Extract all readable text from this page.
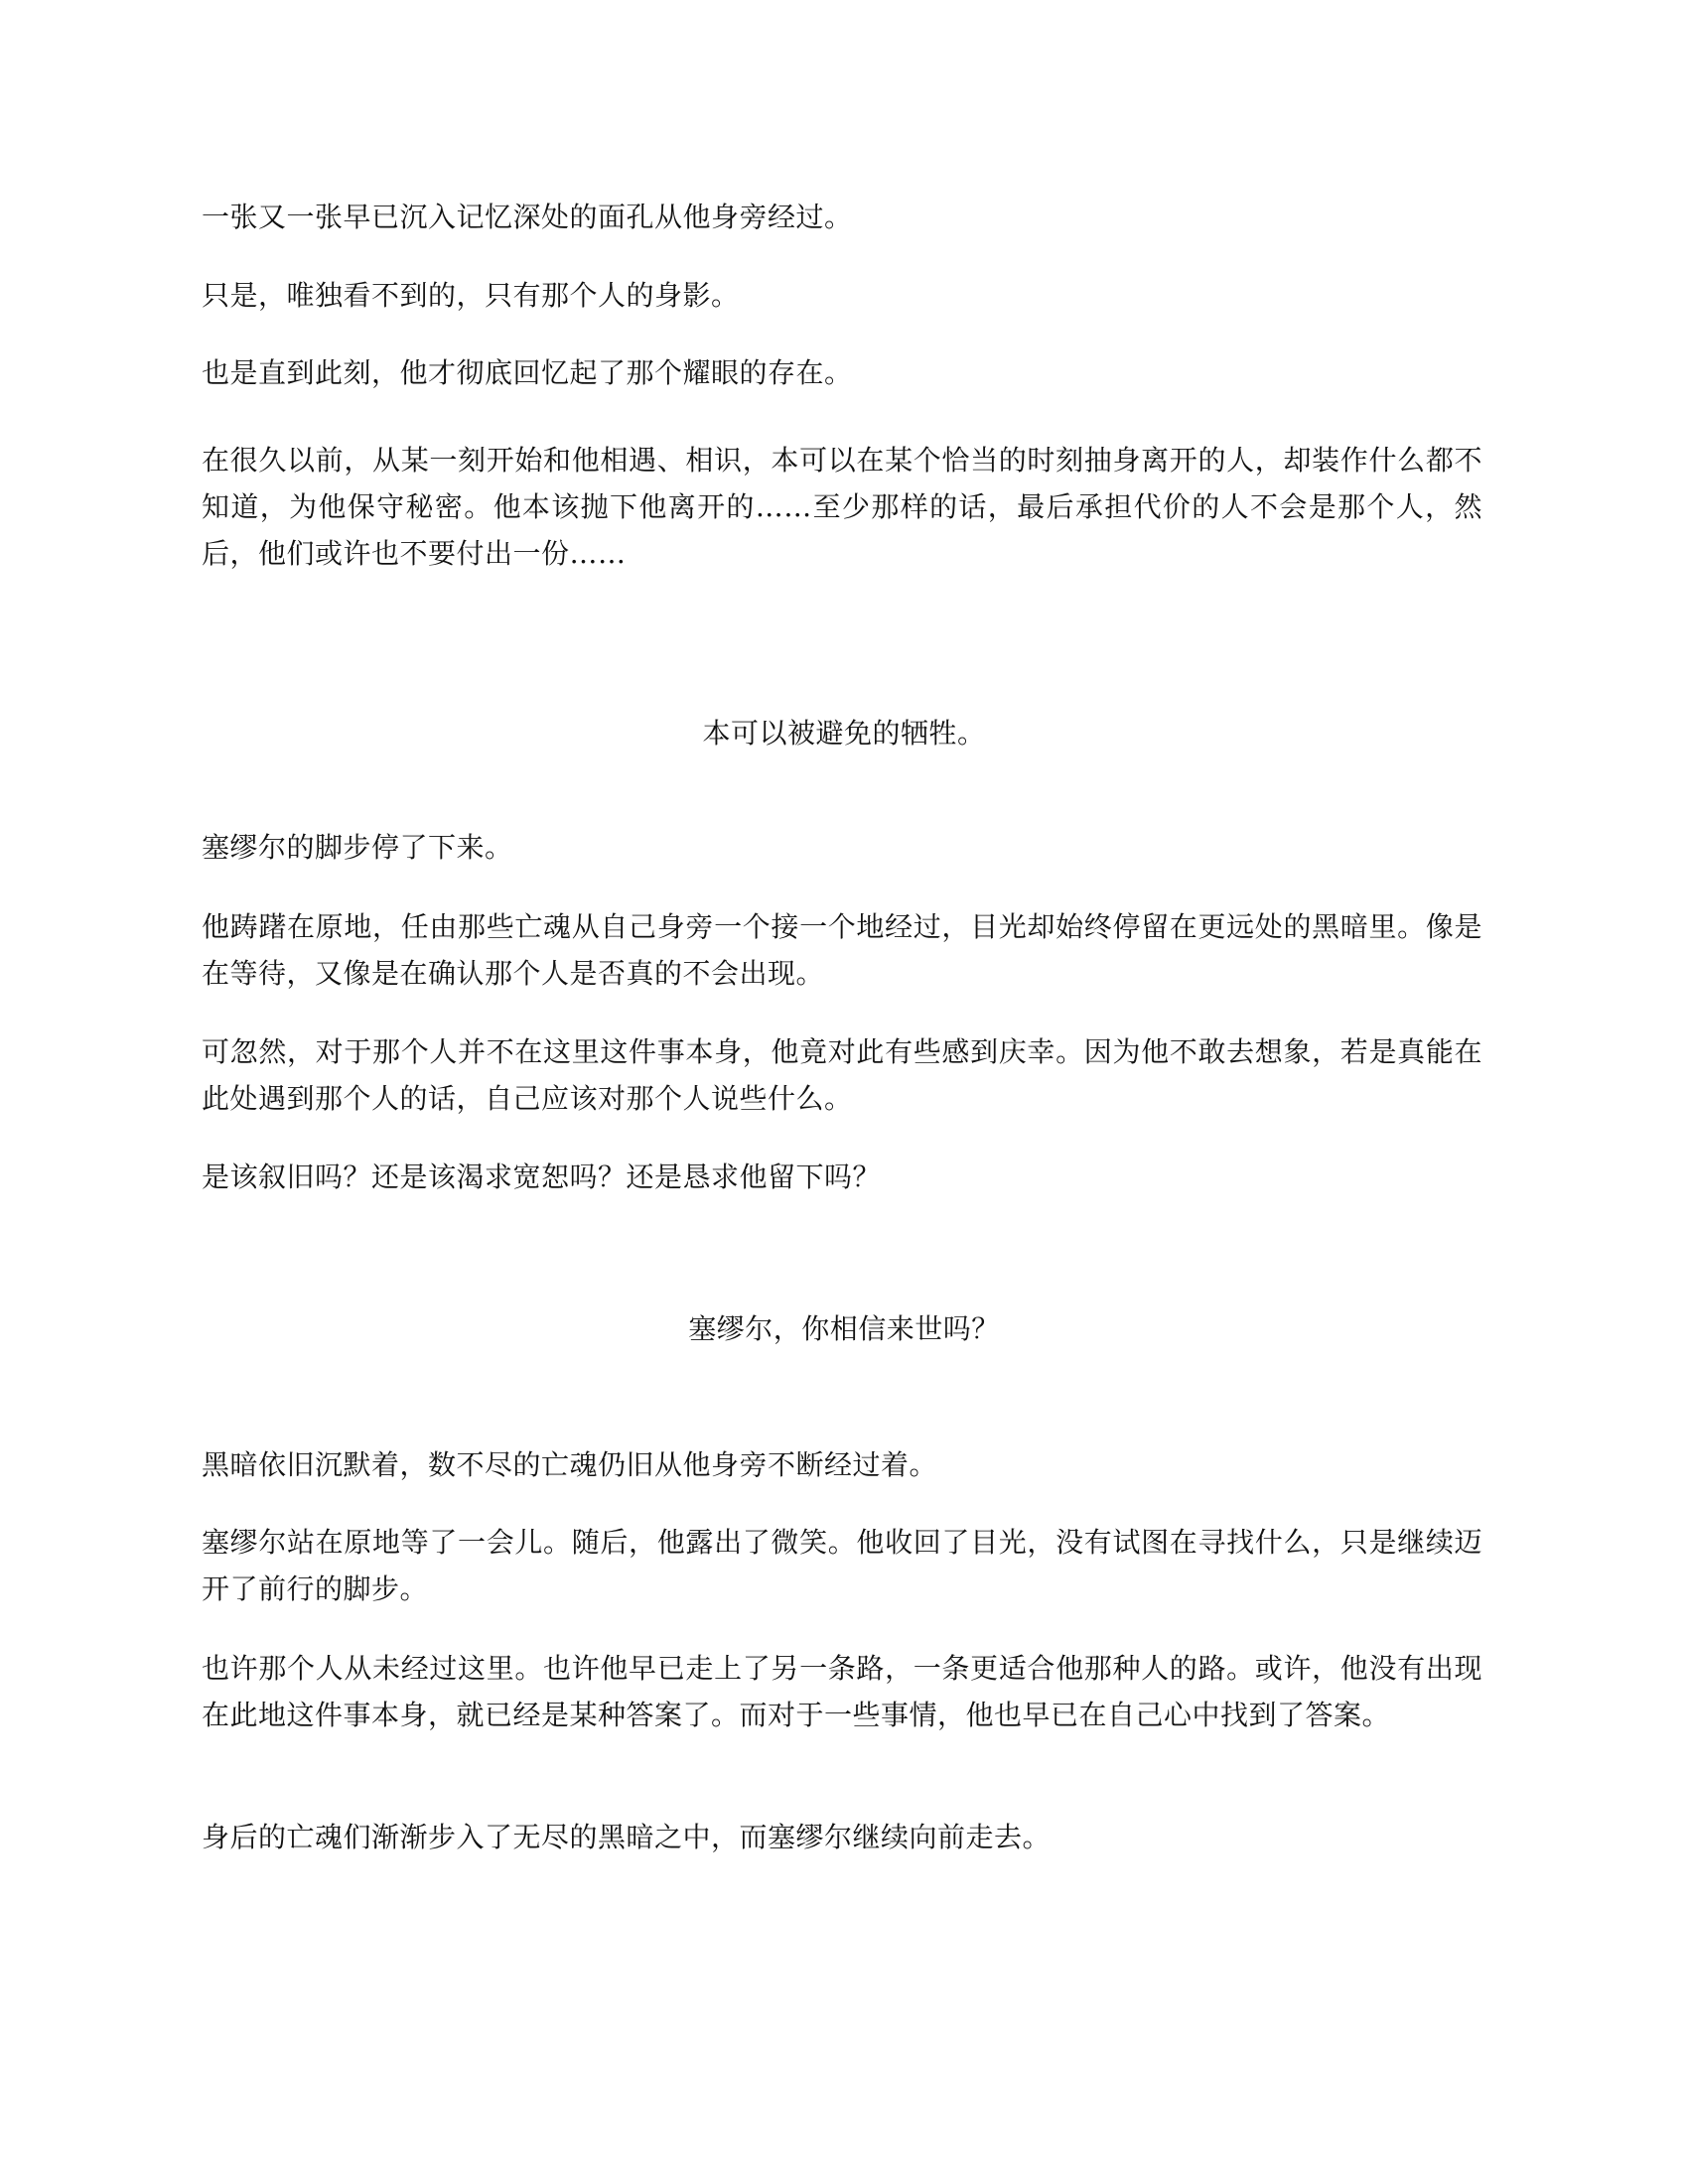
一张又一张早已沉入记忆深处的面孔从他身旁经过。

只是，唯独看不到的，只有那个人的身影。

也是直到此刻，他才彻底回忆起了那个耀眼的存在。

在很久以前，从某一刻开始和他相遇、相识，本可以在某个恰当的时刻抽身离开的人，却装作什么都不知道，为他保守秘密。他本该抛下他离开的……至少那样的话，最后承担代价的人不会是那个人，然后，他们或许也不要付出一份……

本可以被避免的牺牲。

塞缪尔的脚步停了下来。

他踌躇在原地，任由那些亡魂从自己身旁一个接一个地经过，目光却始终停留在更远处的黑暗里。像是在等待，又像是在确认那个人是否真的不会出现。

可忽然，对于那个人并不在这里这件事本身，他竟对此有些感到庆幸。因为他不敢去想象，若是真能在此处遇到那个人的话，自己应该对那个人说些什么。

是该叙旧吗？还是该渴求宽恕吗？还是恳求他留下吗？

塞缪尔，你相信来世吗？

黑暗依旧沉默着，数不尽的亡魂仍旧从他身旁不断经过着。

塞缪尔站在原地等了一会儿。随后，他露出了微笑。他收回了目光，没有试图在寻找什么，只是继续迈开了前行的脚步。

也许那个人从未经过这里。也许他早已走上了另一条路，一条更适合他那种人的路。或许，他没有出现在此地这件事本身，就已经是某种答案了。而对于一些事情，他也早已在自己心中找到了答案。

身后的亡魂们渐渐步入了无尽的黑暗之中，而塞缪尔继续向前走去。
